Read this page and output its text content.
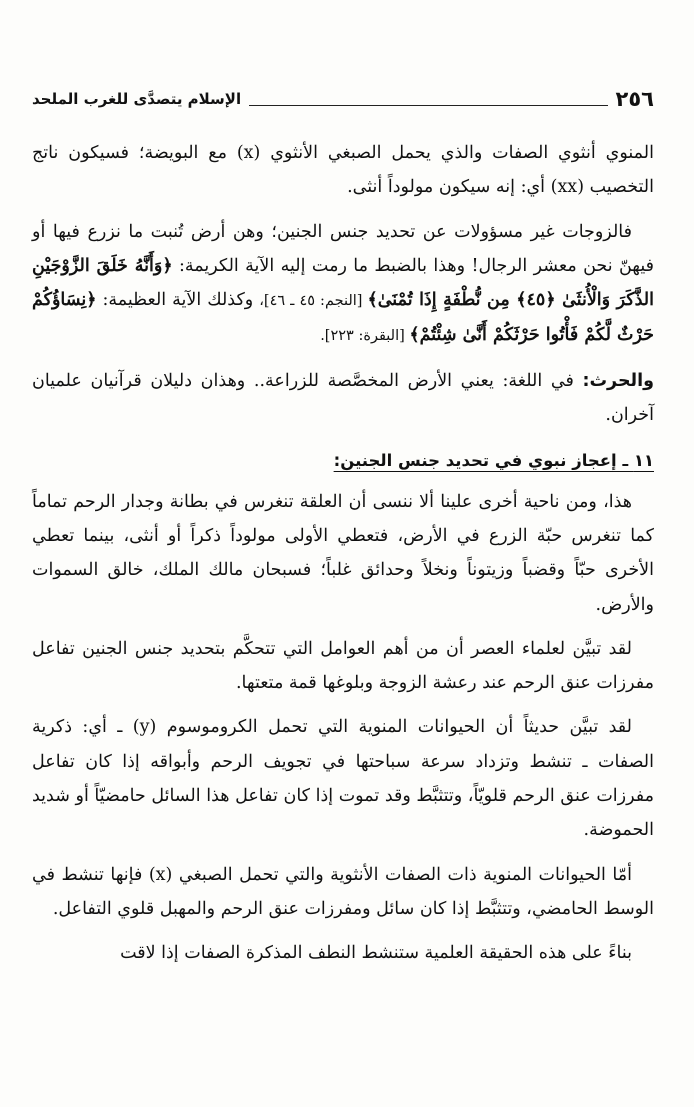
٢٥٦
الإسلام يتصدَّى للغرب الملحد

المنوي أنثوي الصفات والذي يحمل الصبغي الأنثوي (x) مع البويضة؛ فسيكون ناتج التخصيب (xx) أي: إنه سيكون مولوداً أنثى.

فالزوجات غير مسؤولات عن تحديد جنس الجنين؛ وهن أرض تُنبت ما نزرع فيها أو فيهنّ نحن معشر الرجال! وهذا بالضبط ما رمت إليه الآية الكريمة: ﴿وَأَنَّهُ خَلَقَ الزَّوْجَيْنِ الذَّكَرَ وَالْأُنثَىٰ ﴿٤٥﴾ مِن نُّطْفَةٍ إِذَا تُمْنَىٰ﴾ [النجم: ٤٥ ـ ٤٦]، وكذلك الآية العظيمة: ﴿نِسَاؤُكُمْ حَرْثٌ لَّكُمْ فَأْتُوا حَرْثَكُمْ أَنَّىٰ شِئْتُمْ﴾ [البقرة: ٢٢٣].

والحرث: في اللغة: يعني الأرض المخصَّصة للزراعة.. وهذان دليلان قرآنيان علميان آخران.

١١ ـ إعجاز نبوي في تحديد جنس الجنين:

هذا، ومن ناحية أخرى علينا ألا ننسى أن العلقة تنغرس في بطانة وجدار الرحم تماماً كما تنغرس حبّة الزرع في الأرض، فتعطي الأولى مولوداً ذكراً أو أنثى، بينما تعطي الأخرى حبّاً وقضباً وزيتوناً ونخلاً وحدائق غلباً؛ فسبحان مالك الملك، خالق السموات والأرض.

لقد تبيَّن لعلماء العصر أن من أهم العوامل التي تتحكَّم بتحديد جنس الجنين تفاعل مفرزات عنق الرحم عند رعشة الزوجة وبلوغها قمة متعتها.

لقد تبيَّن حديثاً أن الحيوانات المنوية التي تحمل الكروموسوم (y) ـ أي: ذكرية الصفات ـ تنشط وتزداد سرعة سباحتها في تجويف الرحم وأبواقه إذا كان تفاعل مفرزات عنق الرحم قلويّاً، وتتثبَّط وقد تموت إذا كان تفاعل هذا السائل حامضيّاً أو شديد الحموضة.

أمّا الحيوانات المنوية ذات الصفات الأنثوية والتي تحمل الصبغي (x) فإنها تنشط في الوسط الحامضي، وتتثبَّط إذا كان سائل ومفرزات عنق الرحم والمهبل قلوي التفاعل.

بناءً على هذه الحقيقة العلمية ستنشط النطف المذكرة الصفات إذا لاقت
